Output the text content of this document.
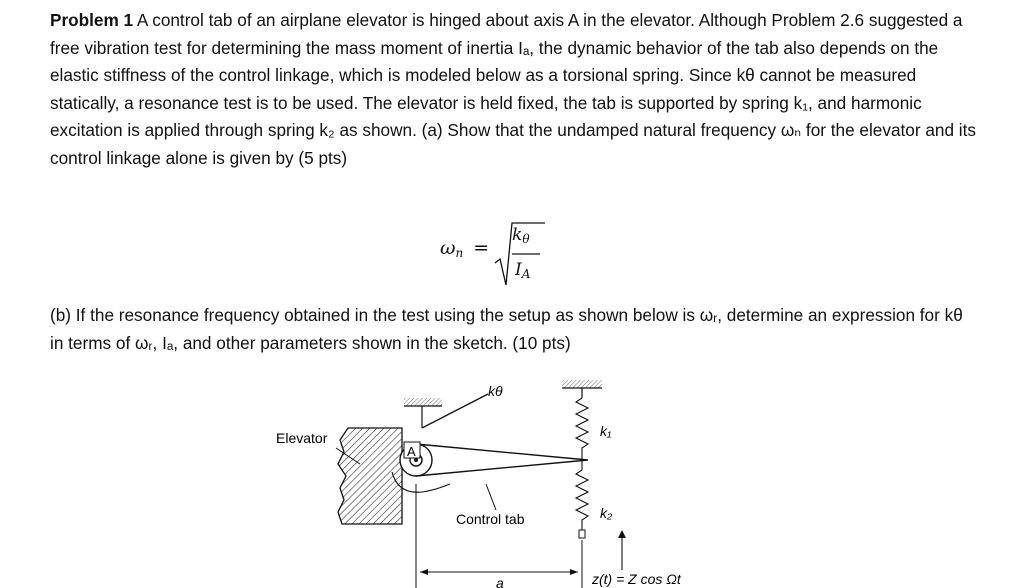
Problem 1 A control tab of an airplane elevator is hinged about axis A in the elevator. Although Problem 2.6 suggested a free vibration test for determining the mass moment of inertia Iₐ, the dynamic behavior of the tab also depends on the elastic stiffness of the control linkage, which is modeled below as a torsional spring. Since kθ cannot be measured statically, a resonance test is to be used. The elevator is held fixed, the tab is supported by spring k₁, and harmonic excitation is applied through spring k₂ as shown. (a) Show that the undamped natural frequency ωₙ for the elevator and its control linkage alone is given by (5 pts)

$\omega_n$ =
$k_\theta$
$I_A$

(b) If the resonance frequency obtained in the test using the setup as shown below is ωᵣ, determine an expression for kθ in terms of ωᵣ, Iₐ, and other parameters shown in the sketch. (10 pts)

A
Elevator
kθ
k₁
k₂
Control tab
a	z(t) = Z cos Ωt
